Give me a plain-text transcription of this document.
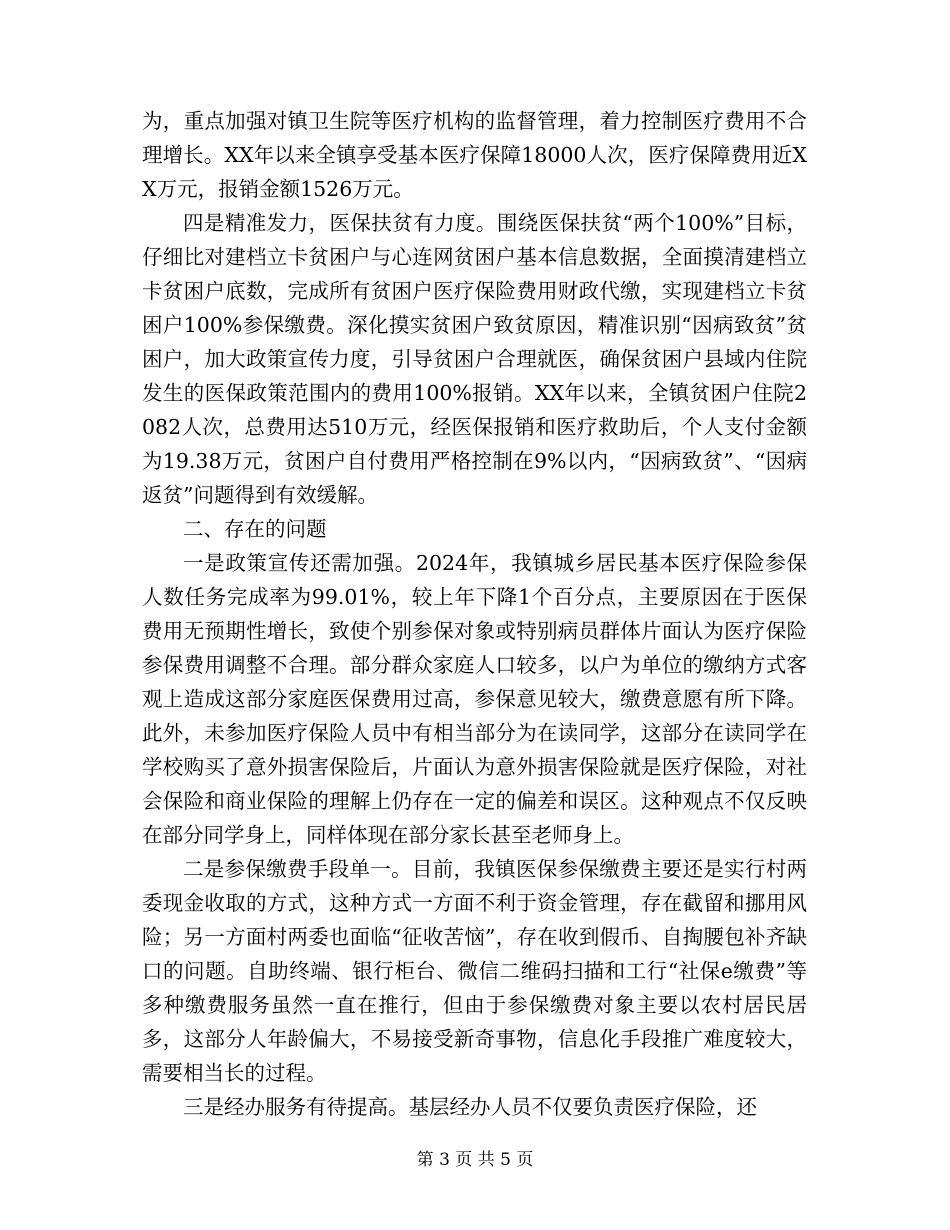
为，重点加强对镇卫生院等医疗机构的监督管理，着力控制医疗费用不合理增长。XX年以来全镇享受基本医疗保障18000人次，医疗保障费用近XX万元，报销金额1526万元。

四是精准发力，医保扶贫有力度。围绕医保扶贫“两个100%”目标，仔细比对建档立卡贫困户与心连网贫困户基本信息数据，全面摸清建档立卡贫困户底数，完成所有贫困户医疗保险费用财政代缴，实现建档立卡贫困户100%参保缴费。深化摸实贫困户致贫原因，精准识别“因病致贫”贫困户，加大政策宣传力度，引导贫困户合理就医，确保贫困户县域内住院发生的医保政策范围内的费用100%报销。XX年以来，全镇贫困户住院2082人次，总费用达510万元，经医保报销和医疗救助后，个人支付金额为19.38万元，贫困户自付费用严格控制在9%以内，“因病致贫”、“因病返贫”问题得到有效缓解。

二、存在的问题

一是政策宣传还需加强。2024年，我镇城乡居民基本医疗保险参保人数任务完成率为99.01%，较上年下降1个百分点，主要原因在于医保费用无预期性增长，致使个别参保对象或特别病员群体片面认为医疗保险参保费用调整不合理。部分群众家庭人口较多，以户为单位的缴纳方式客观上造成这部分家庭医保费用过高，参保意见较大，缴费意愿有所下降。此外，未参加医疗保险人员中有相当部分为在读同学，这部分在读同学在学校购买了意外损害保险后，片面认为意外损害保险就是医疗保险，对社会保险和商业保险的理解上仍存在一定的偏差和误区。这种观点不仅反映在部分同学身上，同样体现在部分家长甚至老师身上。

二是参保缴费手段单一。目前，我镇医保参保缴费主要还是实行村两委现金收取的方式，这种方式一方面不利于资金管理，存在截留和挪用风险；另一方面村两委也面临“征收苦恼”，存在收到假币、自掏腰包补齐缺口的问题。自助终端、银行柜台、微信二维码扫描和工行“社保e缴费”等多种缴费服务虽然一直在推行，但由于参保缴费对象主要以农村居民居多，这部分人年龄偏大，不易接受新奇事物，信息化手段推广难度较大，需要相当长的过程。

三是经办服务有待提高。基层经办人员不仅要负责医疗保险，还

第 3 页 共 5 页
